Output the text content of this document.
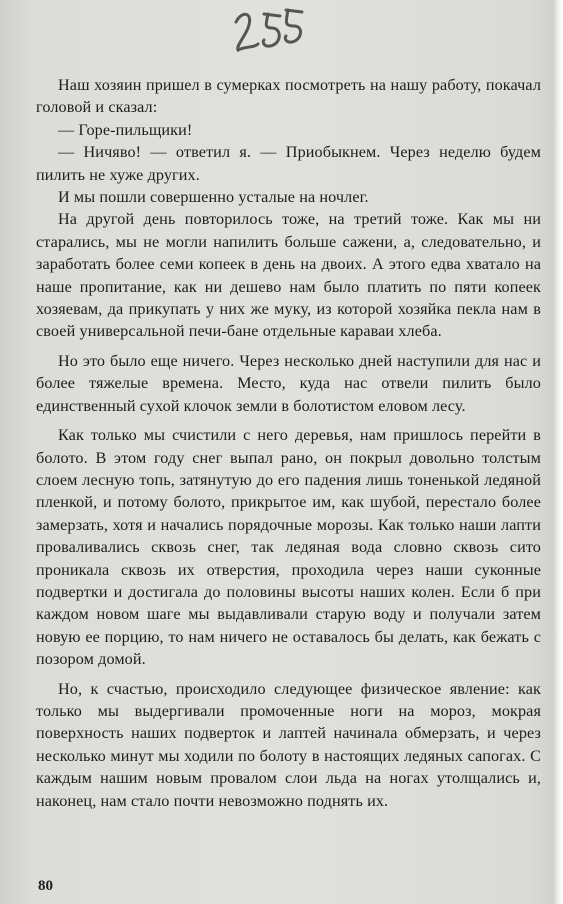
Наш хозяин пришел в сумерках посмотреть на нашу работу, покачал головой и сказал:

— Горе-пильщики!

— Ничяво! — ответил я. — Приобыкнем. Через неделю будем пилить не хуже других.

И мы пошли совершенно усталые на ночлег.

На другой день повторилось тоже, на третий тоже. Как мы ни старались, мы не могли напилить больше сажени, а, следовательно, и заработать более семи копеек в день на двоих. А этого едва хватало на наше пропитание, как ни дешево нам было платить по пяти копеек хозяевам, да прикупать у них же муку, из которой хозяйка пекла нам в своей универсальной печи-бане отдельные караваи хлеба.

Но это было еще ничего. Через несколько дней наступили для нас и более тяжелые времена. Место, куда нас отвели пилить было единственный сухой клочок земли в болотистом еловом лесу.

Как только мы счистили с него деревья, нам пришлось перейти в болото. В этом году снег выпал рано, он покрыл довольно толстым слоем лесную топь, затянутую до его падения лишь тоненькой ледяной пленкой, и потому болото, прикрытое им, как шубой, перестало более замерзать, хотя и начались порядочные морозы. Как только наши лапти проваливались сквозь снег, так ледяная вода словно сквозь сито проникала сквозь их отверстия, проходила через наши суконные подвертки и достигала до половины высоты наших колен. Если б при каждом новом шаге мы выдавливали старую воду и получали затем новую ее порцию, то нам ничего не оставалось бы делать, как бежать с позором домой.

Но, к счастью, происходило следующее физическое явление: как только мы выдергивали промоченные ноги на мороз, мокрая поверхность наших подверток и лаптей начинала обмерзать, и через несколько минут мы ходили по болоту в настоящих ледяных сапогах. С каждым нашим новым провалом слои льда на ногах утолщались и, наконец, нам стало почти невозможно поднять их.

80
